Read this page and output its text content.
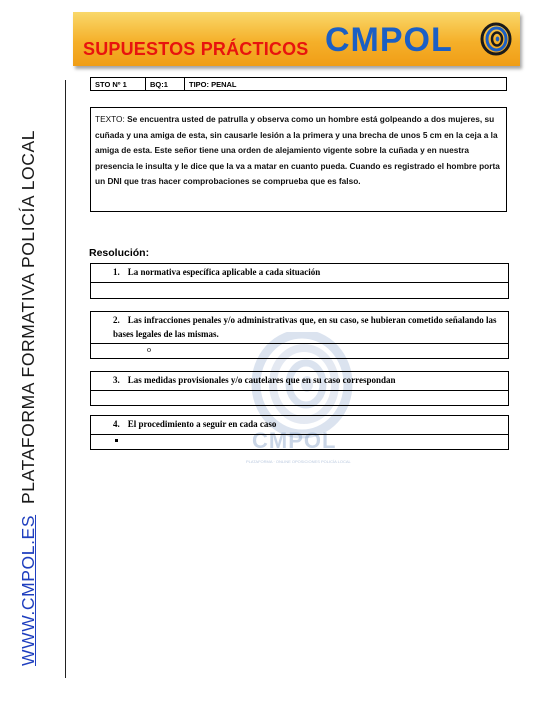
SUPUESTOS PRÁCTICOS CMPOL
WWW.CMPOL.ES  PLATAFORMA FORMATIVA POLICÍA LOCAL
STO Nº 1	BQ:1	TIPO: PENAL
TEXTO: Se encuentra usted de patrulla y observa como un hombre está golpeando a dos mujeres, su cuñada y una amiga de esta, sin causarle lesión a la primera y una brecha de unos 5 cm en la ceja a la amiga de esta. Este señor tiene una orden de alejamiento vigente sobre la cuñada y en nuestra presencia le insulta y le dice que la va a matar en cuanto pueda. Cuando es registrado el hombre porta un DNI que tras hacer comprobaciones se comprueba que es falso.
CMPOL
PLATAFORMA · ONLINE OPOSICIONES POLICÍA LOCAL
Resolución:
1. La normativa específica aplicable a cada situación
2. Las infracciones penales y/o administrativas que, en su caso, se hubieran cometido señalando las bases legales de las mismas.
o
3. Las medidas provisionales y/o cautelares que en su caso correspondan
4. El procedimiento a seguir en cada caso
